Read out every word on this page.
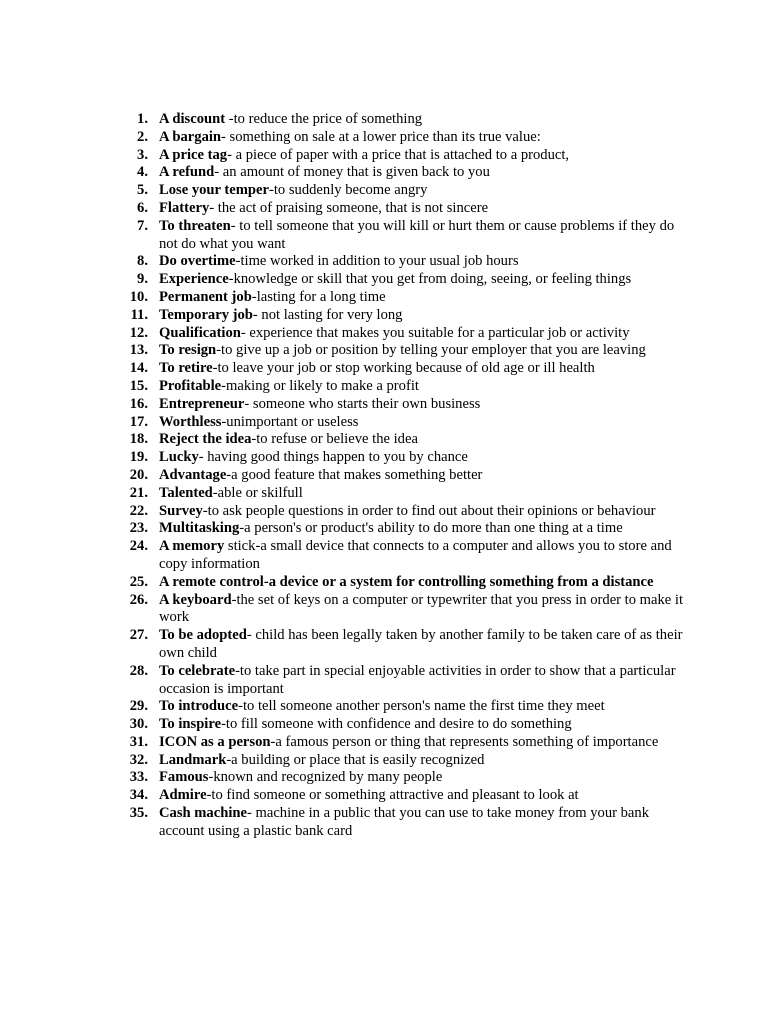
1. A discount -to reduce the price of something
2. A bargain- something on sale at a lower price than its true value:
3. A price tag- a piece of paper with a price that is attached to a product,
4. A refund- an amount of money that is given back to you
5. Lose your temper-to suddenly become angry
6. Flattery- the act of praising someone, that is not sincere
7. To threaten- to tell someone that you will kill or hurt them or cause problems if they do not do what you want
8. Do overtime-time worked in addition to your usual job hours
9. Experience-knowledge or skill that you get from doing, seeing, or feeling things
10. Permanent job-lasting for a long time
11. Temporary job- not lasting for very long
12. Qualification- experience that makes you suitable for a particular job or activity
13. To resign-to give up a job or position by telling your employer that you are leaving
14. To retire-to leave your job or stop working because of old age or ill health
15. Profitable-making or likely to make a profit
16. Entrepreneur- someone who starts their own business
17. Worthless-unimportant or useless
18. Reject the idea-to refuse or believe the idea
19. Lucky- having good things happen to you by chance
20. Advantage-a good feature that makes something better
21. Talented-able or skilfull
22. Survey-to ask people questions in order to find out about their opinions or behaviour
23. Multitasking-a person's or product's ability to do more than one thing at a time
24. A memory stick-a small device that connects to a computer and allows you to store and copy information
25. A remote control-a device or a system for controlling something from a distance
26. A keyboard-the set of keys on a computer or typewriter that you press in order to make it work
27. To be adopted- child has been legally taken by another family to be taken care of as their own child
28. To celebrate-to take part in special enjoyable activities in order to show that a particular occasion is important
29. To introduce-to tell someone another person's name the first time they meet
30. To inspire-to fill someone with confidence and desire to do something
31. ICON as a person-a famous person or thing that represents something of importance
32. Landmark-a building or place that is easily recognized
33. Famous-known and recognized by many people
34. Admire-to find someone or something attractive and pleasant to look at
35. Cash machine- machine in a public that you can use to take money from your bank account using a plastic bank card
